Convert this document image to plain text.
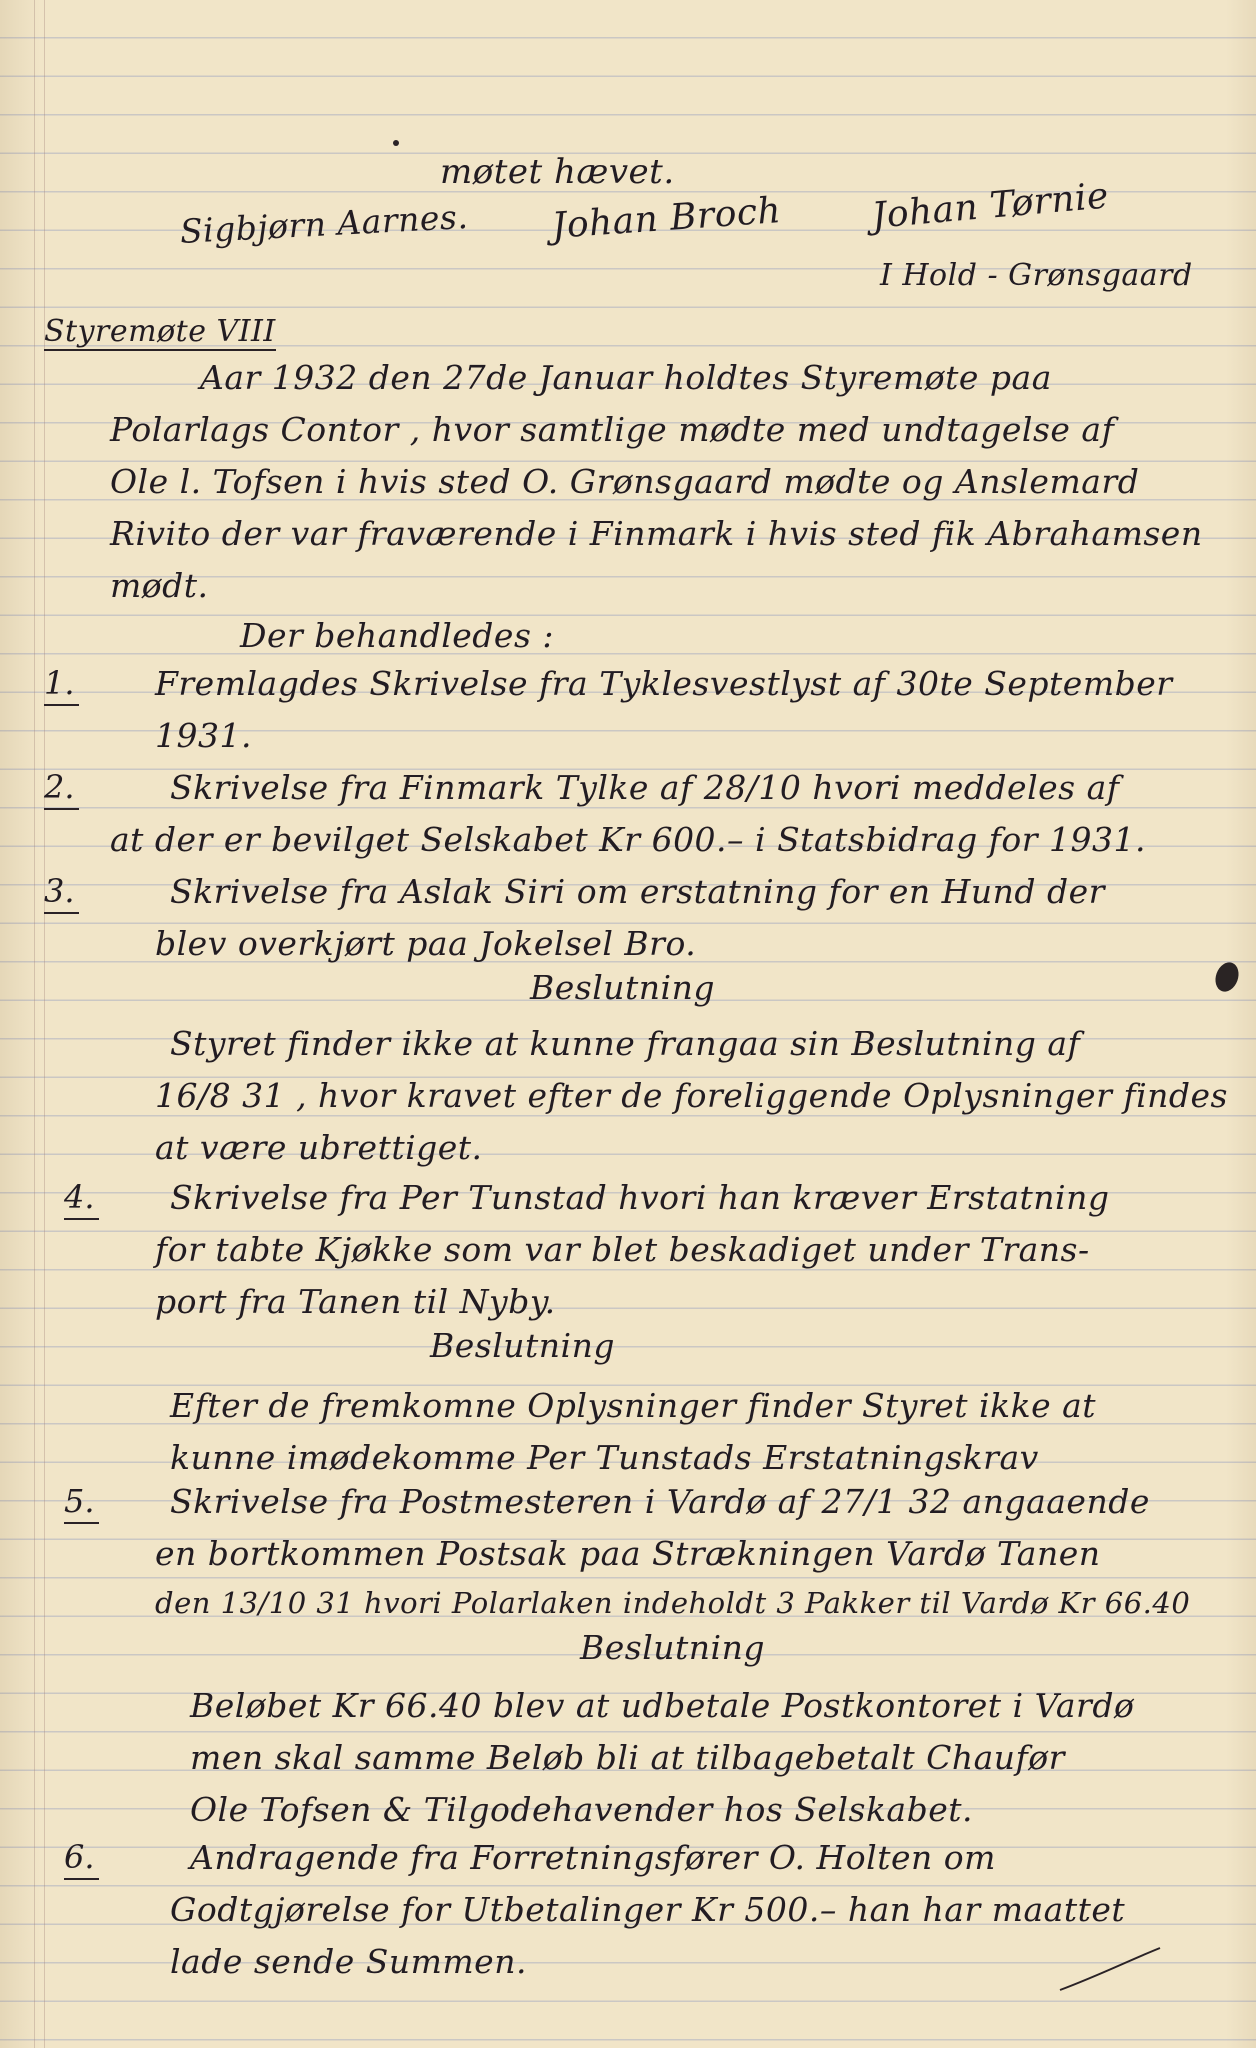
møtet hævet.
Sigbjørn Aarnes. Johan Broch Johan Tørnie
I Hold - Grønsgaard
Styremøte VIII
Aar 1932 den 27de Januar holdtes Styremøte paa
Polarlags Contor , hvor samtlige mødte med undtagelse af
Ole l. Tofsen i hvis sted O. Grønsgaard mødte og Anslemard
Rivito der var fraværende i Finmark i hvis sted fik Abrahamsen
mødt.
Der behandledes :
1. Fremlagdes Skrivelse fra Tyklesvestlyst af 30te September
1931.
2.	Skrivelse fra Finmark Tylke af 28/10 hvori meddeles af
at der er bevilget Selskabet Kr 600.– i Statsbidrag for 1931.
3.	Skrivelse fra Aslak Siri om erstatning for en Hund der
blev overkjørt paa Jokelsel Bro.
Beslutning
Styret finder ikke at kunne frangaa sin Beslutning af
16/8 31 , hvor kravet efter de foreliggende Oplysninger findes
at være ubrettiget.
4. Skrivelse fra Per Tunstad hvori han kræver Erstatning
for tabte Kjøkke som var blet beskadiget under Trans-
port fra Tanen til Nyby.
Beslutning
Efter de fremkomne Oplysninger finder Styret ikke at
kunne imødekomme Per Tunstads Erstatningskrav
5. Skrivelse fra Postmesteren i Vardø af 27/1 32 angaaende
en bortkommen Postsak paa Strækningen Vardø Tanen
den 13/10 31 hvori Polarlaken indeholdt 3 Pakker til Vardø Kr 66.40
Beslutning
Beløbet Kr 66.40 blev at udbetale Postkontoret i Vardø
men skal samme Beløb bli at tilbagebetalt Chaufør
Ole Tofsen & Tilgodehavender hos Selskabet.
6.	Andragende fra Forretningsfører O. Holten om
Godtgjørelse for Utbetalinger Kr 500.– han har maattet
lade sende Summen.
